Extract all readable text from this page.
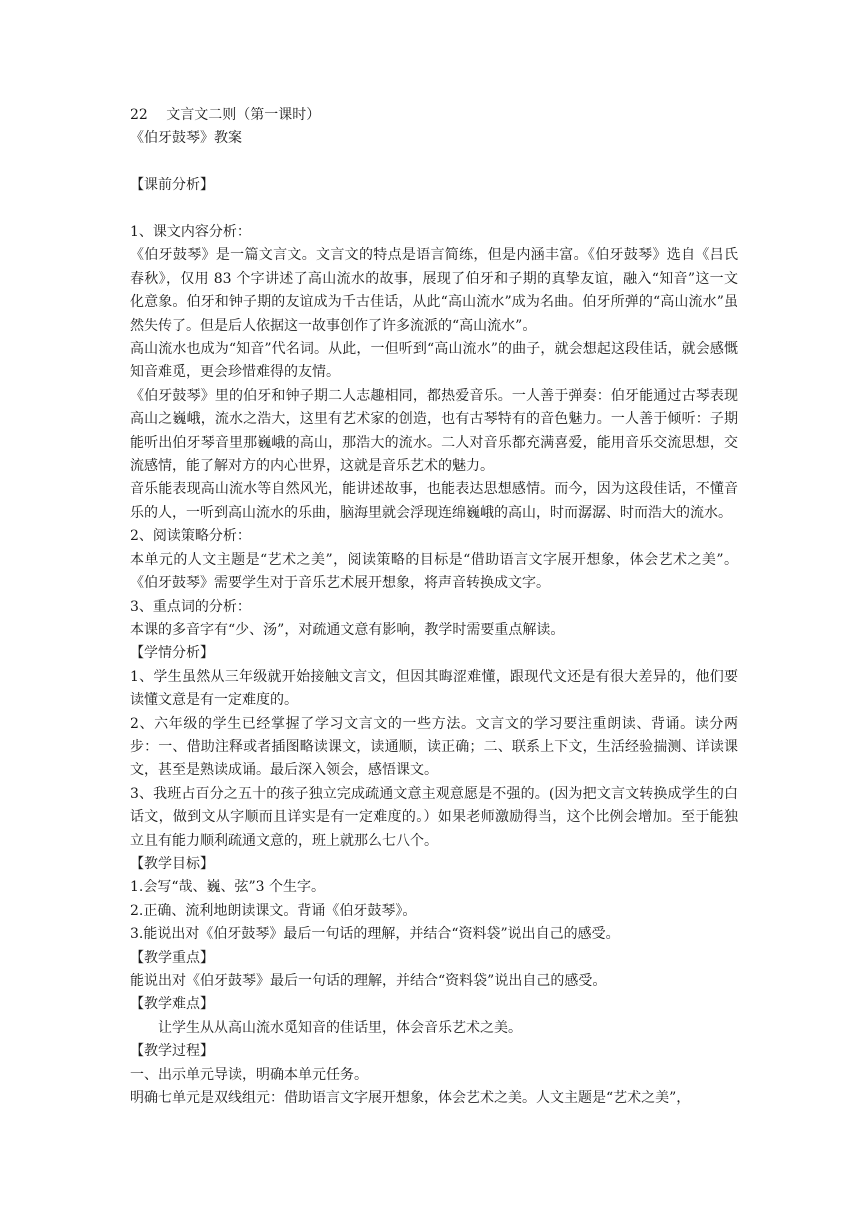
22　 文言文二则（第一课时）

《伯牙鼓琴》教案

【课前分析】

1、课文内容分析：

《伯牙鼓琴》是一篇文言文。文言文的特点是语言简练，但是内涵丰富。《伯牙鼓琴》选自《吕氏春秋》，仅用 83 个字讲述了高山流水的故事，展现了伯牙和子期的真挚友谊，融入“知音”这一文化意象。伯牙和钟子期的友谊成为千古佳话，从此“高山流水”成为名曲。伯牙所弹的“高山流水”虽然失传了。但是后人依据这一故事创作了许多流派的“高山流水”。

高山流水也成为“知音”代名词。从此，一但听到“高山流水”的曲子，就会想起这段佳话，就会感慨知音难觅，更会珍惜难得的友情。

《伯牙鼓琴》里的伯牙和钟子期二人志趣相同，都热爱音乐。一人善于弹奏：伯牙能通过古琴表现高山之巍峨，流水之浩大，这里有艺术家的创造，也有古琴特有的音色魅力。一人善于倾听：子期能听出伯牙琴音里那巍峨的高山，那浩大的流水。二人对音乐都充满喜爱，能用音乐交流思想，交流感情，能了解对方的内心世界，这就是音乐艺术的魅力。

音乐能表现高山流水等自然风光，能讲述故事，也能表达思想感情。而今，因为这段佳话，不懂音乐的人，一听到高山流水的乐曲，脑海里就会浮现连绵巍峨的高山，时而潺潺、时而浩大的流水。

2、阅读策略分析：

本单元的人文主题是“艺术之美”，阅读策略的目标是“借助语言文字展开想象，体会艺术之美”。《伯牙鼓琴》需要学生对于音乐艺术展开想象，将声音转换成文字。

3、重点词的分析：

本课的多音字有“少、汤”，对疏通文意有影响，教学时需要重点解读。

【学情分析】

1、学生虽然从三年级就开始接触文言文，但因其晦涩难懂，跟现代文还是有很大差异的，他们要读懂文意是有一定难度的。

2、六年级的学生已经掌握了学习文言文的一些方法。文言文的学习要注重朗读、背诵。读分两步：一、借助注释或者插图略读课文，读通顺，读正确；二、联系上下文，生活经验揣测、详读课文，甚至是熟读成诵。最后深入领会，感悟课文。

3、我班占百分之五十的孩子独立完成疏通文意主观意愿是不强的。(因为把文言文转换成学生的白话文，做到文从字顺而且详实是有一定难度的。）如果老师激励得当，这个比例会增加。至于能独立且有能力顺利疏通文意的，班上就那么七八个。

【教学目标】

1.会写“哉、巍、弦”3 个生字。

2.正确、流利地朗读课文。背诵《伯牙鼓琴》。

3.能说出对《伯牙鼓琴》最后一句话的理解，并结合“资料袋”说出自己的感受。

【教学重点】

能说出对《伯牙鼓琴》最后一句话的理解，并结合“资料袋”说出自己的感受。

【教学难点】

让学生从从高山流水觅知音的佳话里，体会音乐艺术之美。

【教学过程】

一、出示单元导读，明确本单元任务。

明确七单元是双线组元：借助语言文字展开想象，体会艺术之美。人文主题是“艺术之美”，
